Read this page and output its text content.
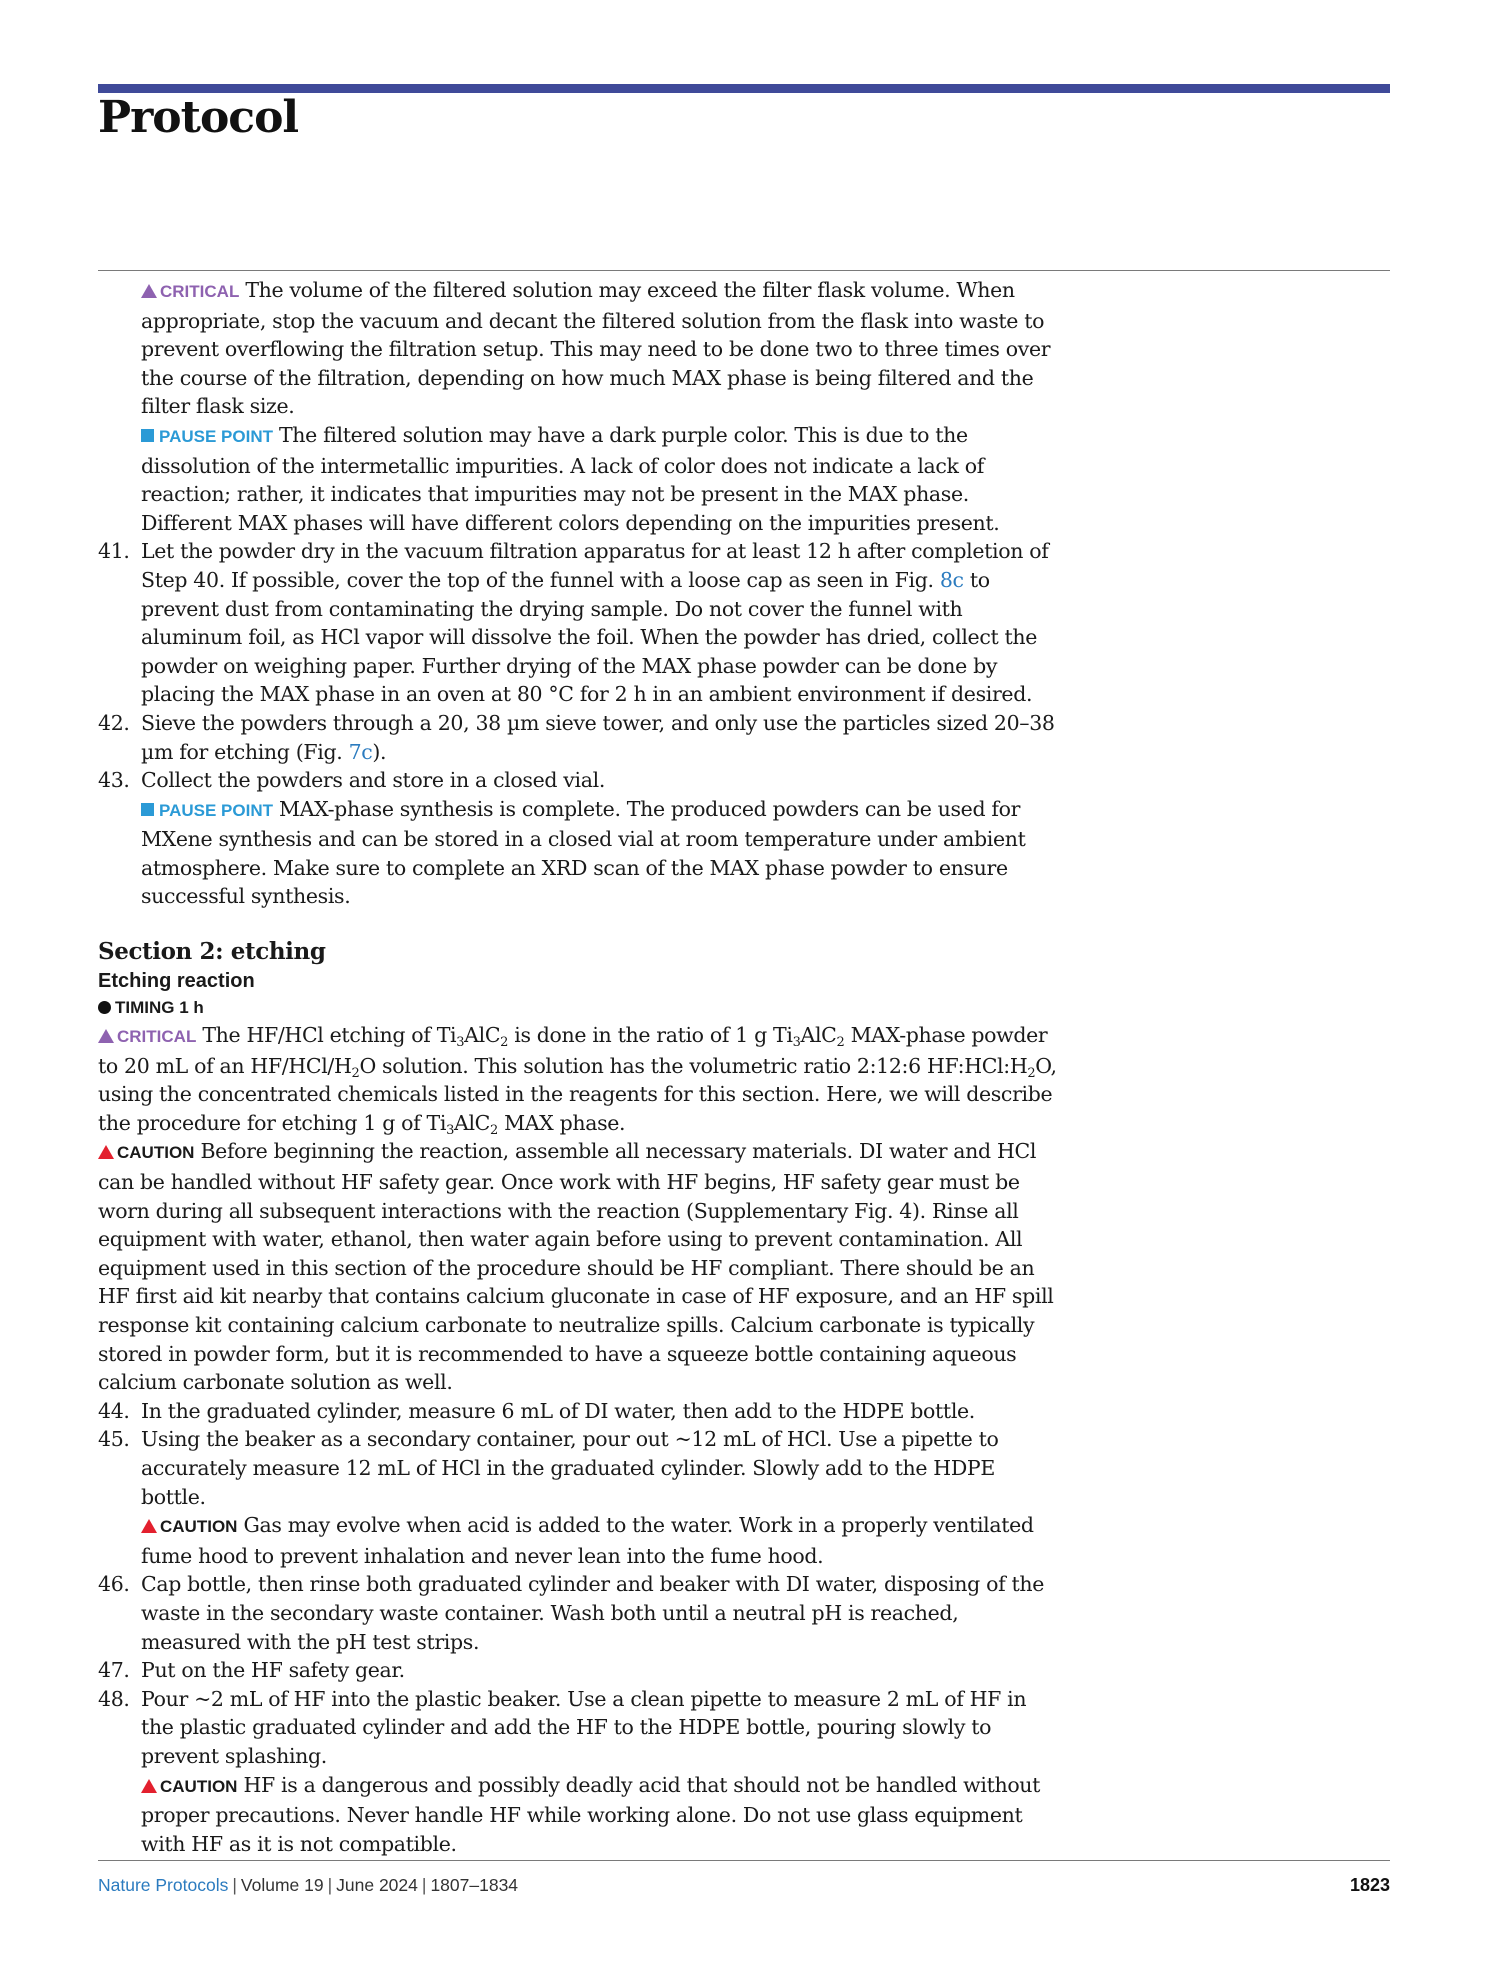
Protocol
CRITICAL The volume of the filtered solution may exceed the filter flask volume. When appropriate, stop the vacuum and decant the filtered solution from the flask into waste to prevent overflowing the filtration setup. This may need to be done two to three times over the course of the filtration, depending on how much MAX phase is being filtered and the filter flask size.
PAUSE POINT The filtered solution may have a dark purple color. This is due to the dissolution of the intermetallic impurities. A lack of color does not indicate a lack of reaction; rather, it indicates that impurities may not be present in the MAX phase. Different MAX phases will have different colors depending on the impurities present.
41. Let the powder dry in the vacuum filtration apparatus for at least 12 h after completion of Step 40. If possible, cover the top of the funnel with a loose cap as seen in Fig. 8c to prevent dust from contaminating the drying sample. Do not cover the funnel with aluminum foil, as HCl vapor will dissolve the foil. When the powder has dried, collect the powder on weighing paper. Further drying of the MAX phase powder can be done by placing the MAX phase in an oven at 80 °C for 2 h in an ambient environment if desired.
42. Sieve the powders through a 20, 38 µm sieve tower, and only use the particles sized 20–38 µm for etching (Fig. 7c).
43. Collect the powders and store in a closed vial.
PAUSE POINT MAX-phase synthesis is complete. The produced powders can be used for MXene synthesis and can be stored in a closed vial at room temperature under ambient atmosphere. Make sure to complete an XRD scan of the MAX phase powder to ensure successful synthesis.
Section 2: etching
Etching reaction
TIMING 1 h
CRITICAL The HF/HCl etching of $Ti_3AlC_2$ is done in the ratio of 1 g $Ti_3AlC_2$ MAX-phase powder to 20 mL of an $HF/HCl/H_2O$ solution. This solution has the volumetric ratio 2:12:6 $HF:HCl:H_2O$, using the concentrated chemicals listed in the reagents for this section. Here, we will describe the procedure for etching 1 g of $Ti_3AlC_2$ MAX phase.
CAUTION Before beginning the reaction, assemble all necessary materials. DI water and HCl can be handled without HF safety gear. Once work with HF begins, HF safety gear must be worn during all subsequent interactions with the reaction (Supplementary Fig. 4). Rinse all equipment with water, ethanol, then water again before using to prevent contamination. All equipment used in this section of the procedure should be HF compliant. There should be an HF first aid kit nearby that contains calcium gluconate in case of HF exposure, and an HF spill response kit containing calcium carbonate to neutralize spills. Calcium carbonate is typically stored in powder form, but it is recommended to have a squeeze bottle containing aqueous calcium carbonate solution as well.
44. In the graduated cylinder, measure 6 mL of DI water, then add to the HDPE bottle.
45. Using the beaker as a secondary container, pour out ~12 mL of HCl. Use a pipette to accurately measure 12 mL of HCl in the graduated cylinder. Slowly add to the HDPE bottle.
CAUTION Gas may evolve when acid is added to the water. Work in a properly ventilated fume hood to prevent inhalation and never lean into the fume hood.
46. Cap bottle, then rinse both graduated cylinder and beaker with DI water, disposing of the waste in the secondary waste container. Wash both until a neutral pH is reached, measured with the pH test strips.
47. Put on the HF safety gear.
48. Pour ~2 mL of HF into the plastic beaker. Use a clean pipette to measure 2 mL of HF in the plastic graduated cylinder and add the HF to the HDPE bottle, pouring slowly to prevent splashing.
CAUTION HF is a dangerous and possibly deadly acid that should not be handled without proper precautions. Never handle HF while working alone. Do not use glass equipment with HF as it is not compatible.
Nature Protocols | Volume 19 | June 2024 | 1807–1834	1823
